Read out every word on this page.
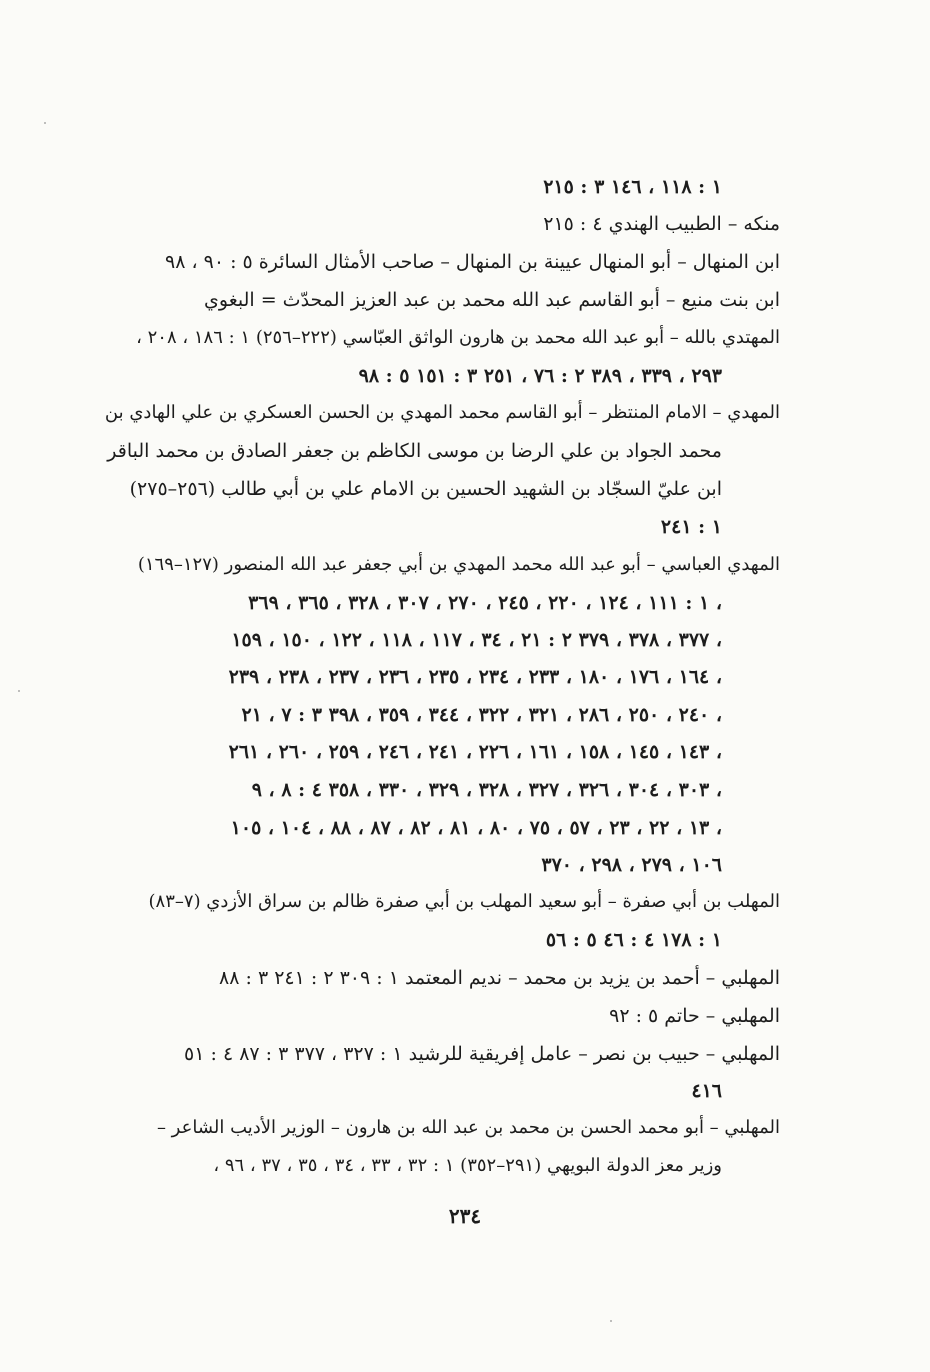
١ : ١١٨ ، ١٤٦ ٣ : ٢١٥
منكه – الطبيب الهندي ٤ : ٢١٥
ابن المنهال – أبو المنهال عيينة بن المنهال – صاحب الأمثال السائرة ٥ : ٩٠ ، ٩٨
ابن بنت منيع – أبو القاسم عبد الله محمد بن عبد العزيز المحدّث = البغوي
المهتدي بالله – أبو عبد الله محمد بن هارون الواثق العبّاسي (٢٢٢–٢٥٦) ١ : ١٨٦ ، ٢٠٨ ،
٢٩٣ ، ٣٣٩ ، ٣٨٩ ٢ : ٧٦ ، ٢٥١ ٣ : ١٥١ ٥ : ٩٨
المهدي – الامام المنتظر – أبو القاسم محمد المهدي بن الحسن العسكري بن علي الهادي بن
محمد الجواد بن علي الرضا بن موسى الكاظم بن جعفر الصادق بن محمد الباقر
ابن عليّ السجّاد بن الشهيد الحسين بن الامام علي بن أبي طالب (٢٥٦–٢٧٥)
١ : ٢٤١
المهدي العباسي – أبو عبد الله محمد المهدي بن أبي جعفر عبد الله المنصور (١٢٧–١٦٩)
١ : ١١١ ، ١٢٤ ، ٢٢٠ ، ٢٤٥ ، ٢٧٠ ، ٣٠٧ ، ٣٢٨ ، ٣٦٥ ، ٣٦٩ ،
٣٧٧ ، ٣٧٨ ، ٣٧٩ ٢ : ٢١ ، ٣٤ ، ١١٧ ، ١١٨ ، ١٢٢ ، ١٥٠ ، ١٥٩ ،
١٦٤ ، ١٧٦ ، ١٨٠ ، ٢٣٣ ، ٢٣٤ ، ٢٣٥ ، ٢٣٦ ، ٢٣٧ ، ٢٣٨ ، ٢٣٩ ،
٢٤٠ ، ٢٥٠ ، ٢٨٦ ، ٣٢١ ، ٣٢٢ ، ٣٤٤ ، ٣٥٩ ، ٣٩٨ ٣ : ٧ ، ٢١ ،
١٤٣ ، ١٤٥ ، ١٥٨ ، ١٦١ ، ٢٢٦ ، ٢٤١ ، ٢٤٦ ، ٢٥٩ ، ٢٦٠ ، ٢٦١ ،
٣٠٣ ، ٣٠٤ ، ٣٢٦ ، ٣٢٧ ، ٣٢٨ ، ٣٢٩ ، ٣٣٠ ، ٣٥٨ ٤ : ٨ ، ٩ ،
١٣ ، ٢٢ ، ٢٣ ، ٥٧ ، ٧٥ ، ٨٠ ، ٨١ ، ٨٢ ، ٨٧ ، ٨٨ ، ١٠٤ ، ١٠٥ ،
١٠٦ ، ٢٧٩ ، ٢٩٨ ، ٣٧٠
المهلب بن أبي صفرة – أبو سعيد المهلب بن أبي صفرة ظالم بن سراق الأزدي (٧–٨٣)
١ : ١٧٨ ٤ : ٤٦ ٥ : ٥٦
المهلبي – أحمد بن يزيد بن محمد – نديم المعتمد ١ : ٣٠٩ ٢ : ٢٤١ ٣ : ٨٨
المهلبي – حاتم ٥ : ٩٢
المهلبي – حبيب بن نصر – عامل إفريقية للرشيد ١ : ٣٢٧ ، ٣٧٧ ٣ : ٨٧ ٤ : ٥١
٤١٦
المهلبي – أبو محمد الحسن بن محمد بن عبد الله بن هارون – الوزير الأديب الشاعر –
وزير معز الدولة البويهي (٢٩١–٣٥٢) ١ : ٣٢ ، ٣٣ ، ٣٤ ، ٣٥ ، ٣٧ ، ٩٦ ،
٢٣٤
